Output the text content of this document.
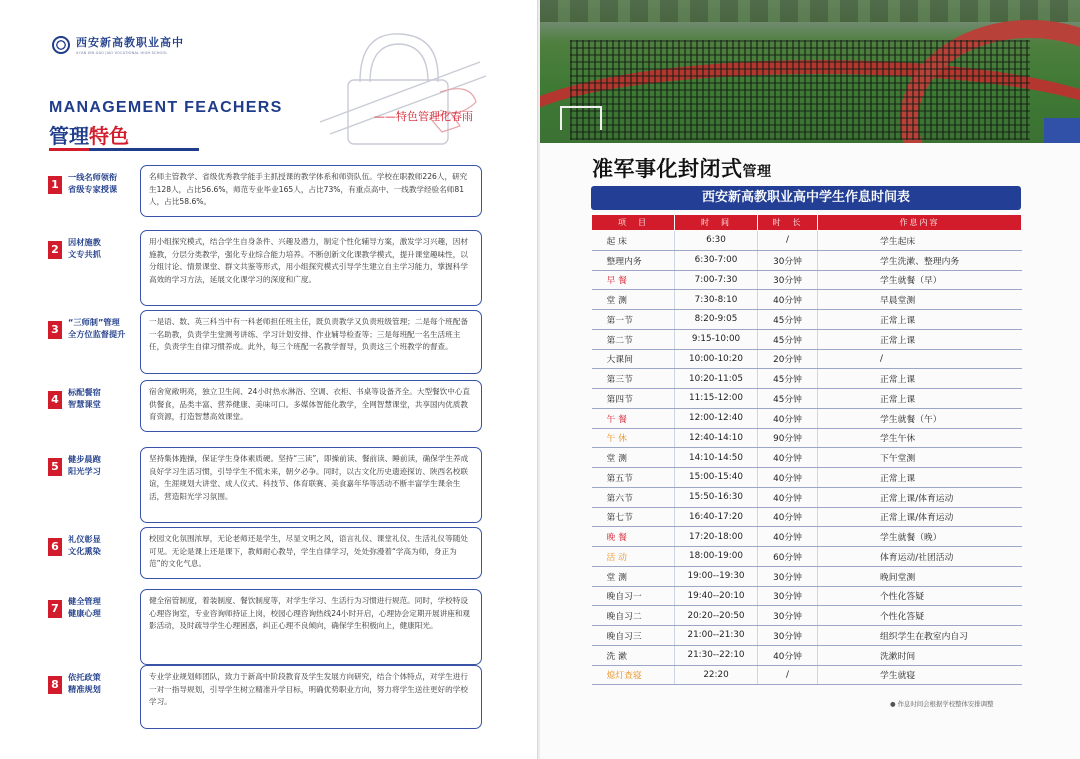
西安新高教职业高中
XI'AN XIN GAO JIAO VOCATIONAL HIGH SCHOOL
MANAGEMENT FEACHERS
管理特色
——特色管理化春雨
1
一线名师领衔
省级专家授课
名师主管教学、省级优秀教学能手主抓授课的教学体系和师资队伍。学校在职教师226人，研究生128人，占比56.6%，师范专业毕业165人，占比73%，有重点高中、一线教学经验名师81人，占比58.6%。
2
因材施教
文专共抓
用小组探究模式，结合学生自身条件、兴趣及潜力，制定个性化辅导方案，激发学习兴趣，因材施教，分层分类教学，强化专业综合能力培养。不断创新文化课教学模式，提升课堂趣味性，以分组讨论、情景课堂、群文共鉴等形式，用小组探究模式引导学生建立自主学习能力，掌握科学高效的学习方法，延展文化课学习的深度和广度。
3
“三师制”管理
全方位监督提升
一是语、数、英三科当中有一科老师担任班主任，既负责教学又负责班级管理；二是每个班配备一名助教，负责学生堂测考讲练、学习计划安排、作业辅导检查等；三是每班配一名生活班主任，负责学生自律习惯养成。此外，每三个班配一名教学督导，负责这三个班教学的督查。
4
标配餐宿
智慧课堂
宿舍宽敞明亮，独立卫生间、24小时热水淋浴、空调、衣柜、书桌等设备齐全。大型餐饮中心直供餐食，品类丰富、营养健康、美味可口。多媒体智能化教学，全网智慧课堂，共享国内优质教育资源，打造智慧高效课堂。
5
健步晨跑
阳光学习
坚持集体跑操，保证学生身体素质硬。坚持“三读”，即操前读、餐前读、睡前读，确保学生养成良好学习生活习惯，引导学生不慌未来，朝夕必争。同时，以古文化历史遗迹探访、陕西名校联谊，生涯规划大讲堂、成人仪式、科技节、体育联赛、美食嘉年华等活动不断丰富学生课余生活，营造阳光学习氛围。
6
礼仪彰显
文化熏染
校园文化氛围浓厚，无论老师还是学生，尽显文明之风，语言礼仪、课堂礼仪、生活礼仪等随处可见。无论是课上还是课下，教师耐心教导，学生自律学习，处处弥漫着“学高为师，身正为范”的文化气息。
7
健全管理
健康心理
健全宿管制度，着装制度、餐饮制度等，对学生学习、生活行为习惯进行规范。同时，学校特设心理咨询室，专业咨询师持证上岗，校园心理咨询热线24小时开启，心理协会定期开展讲座和观影活动，及时疏导学生心理困惑，纠正心理不良倾向，确保学生积极向上，健康阳光。
8
依托政策
精准规划
专业学业规划师团队，致力于新高中阶段教育及学生发展方向研究，结合个体特点，对学生进行一对一指导规划，引导学生树立精准升学目标，明确优势职业方向，努力将学生送往更好的学校学习。
准军事化封闭式管理
西安新高教职业高中学生作息时间表
项　目	时　间	时　长	作息内容
起 床	6:30	/	学生起床
整理内务	6:30-7:00	30分钟	学生洗漱、整理内务
早 餐	7:00-7:30	30分钟	学生就餐（早）
堂 测	7:30-8:10	40分钟	早晨堂测
第一节	8:20-9:05	45分钟	正常上课
第二节	9:15-10:00	45分钟	正常上课
大课间	10:00-10:20	20分钟	/
第三节	10:20-11:05	45分钟	正常上课
第四节	11:15-12:00	45分钟	正常上课
午 餐	12:00-12:40	40分钟	学生就餐（午）
午 休	12:40-14:10	90分钟	学生午休
堂 测	14:10-14:50	40分钟	下午堂测
第五节	15:00-15:40	40分钟	正常上课
第六节	15:50-16:30	40分钟	正常上课/体育运动
第七节	16:40-17:20	40分钟	正常上课/体育运动
晚 餐	17:20-18:00	40分钟	学生就餐（晚）
活 动	18:00-19:00	60分钟	体育运动/社团活动
堂 测	19:00--19:30	30分钟	晚间堂测
晚自习一	19:40--20:10	30分钟	个性化答疑
晚自习二	20:20--20:50	30分钟	个性化答疑
晚自习三	21:00--21:30	30分钟	组织学生在教室内自习
洗 漱	21:30--22:10	40分钟	洗漱时间
熄灯查寝	22:20	/	学生就寝
● 作息时间会根据学校整体安排调整
